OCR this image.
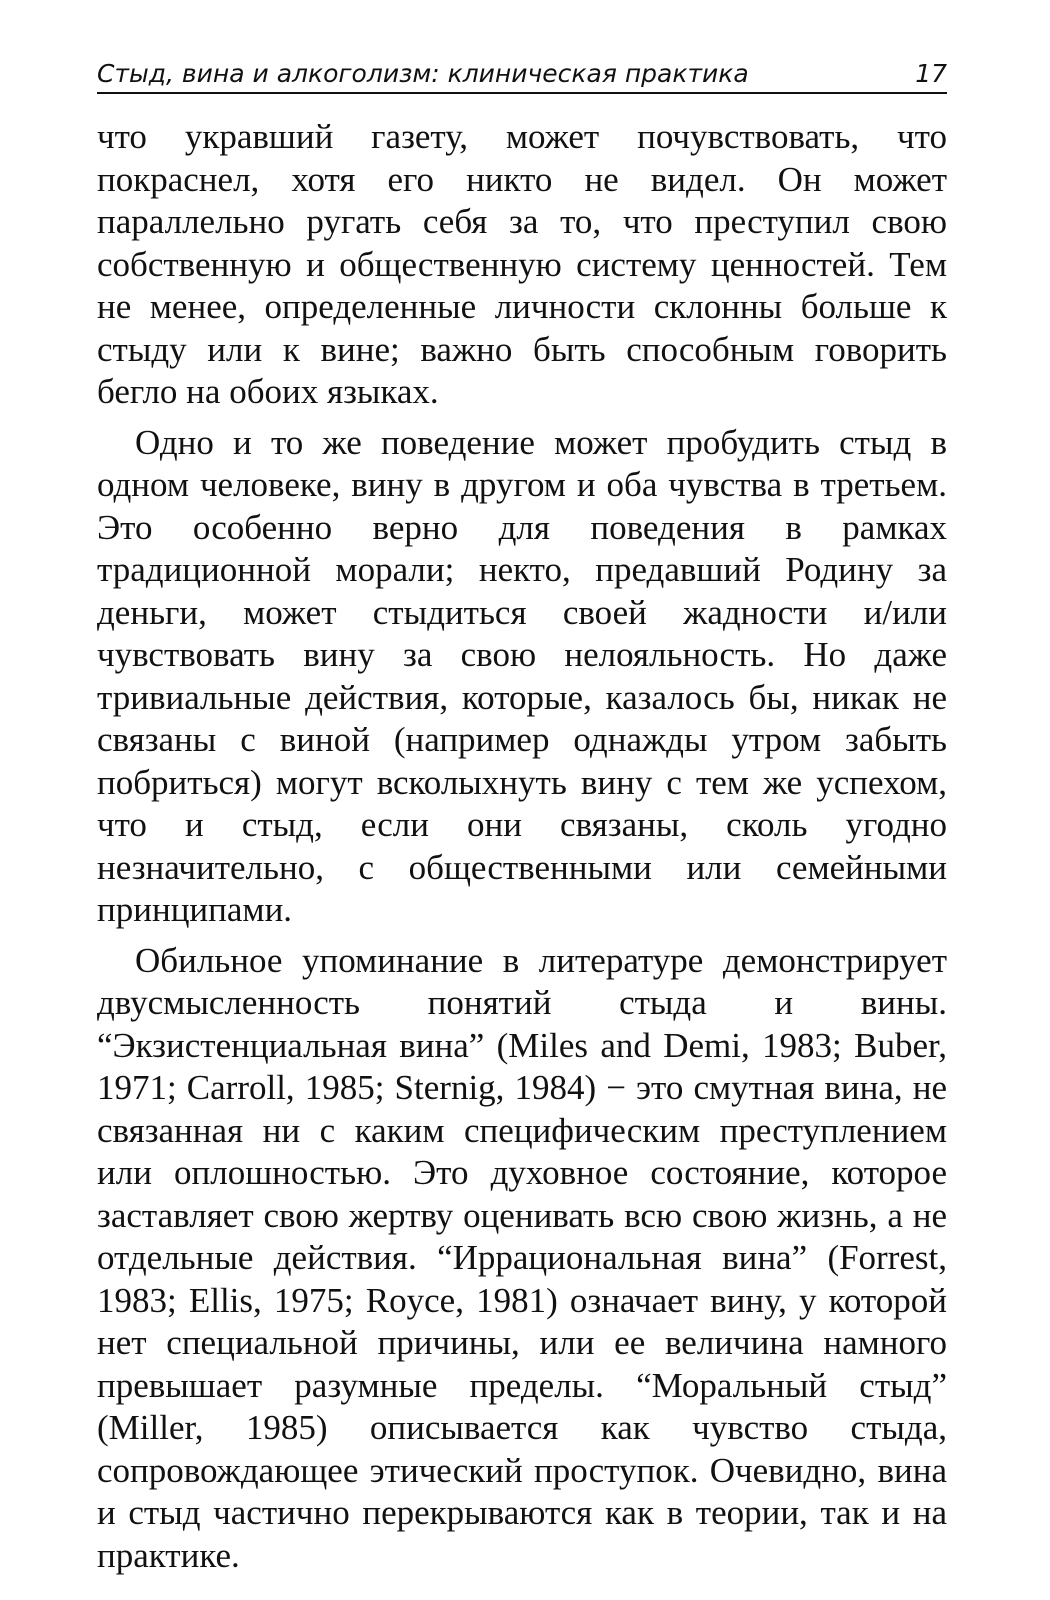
Стыд, вина и алкоголизм: клиническая практика	17

что укравший газету, может почувствовать, что покраснел, хотя его никто не видел. Он может параллельно ругать себя за то, что преступил свою собственную и общественную систему ценностей. Тем не менее, определенные личности склонны больше к стыду или к вине; важно быть способным говорить бегло на обоих языках.

Одно и то же поведение может пробудить стыд в одном человеке, вину в другом и оба чувства в третьем. Это особенно верно для поведения в рамках традиционной морали; некто, предавший Родину за деньги, может стыдиться своей жадности и/или чувствовать вину за свою нелояльность. Но даже тривиальные действия, которые, казалось бы, никак не связаны с виной (например однажды утром забыть побриться) могут всколыхнуть вину с тем же успехом, что и стыд, если они связаны, сколь угодно незначительно, с общественными или семейными принципами.

Обильное упоминание в литературе демонстрирует двусмысленность понятий стыда и вины. “Экзистенциальная вина” (Miles and Demi, 1983; Buber, 1971; Carroll, 1985; Sternig, 1984) − это смутная вина, не связанная ни с каким специфическим преступлением или оплошностью. Это духовное состояние, которое заставляет свою жертву оценивать всю свою жизнь, а не отдельные действия. “Иррациональная вина” (Forrest, 1983; Ellis, 1975; Royce, 1981) означает вину, у которой нет специальной причины, или ее величина намного превышает разумные пределы. “Моральный стыд” (Miller, 1985) описывается как чувство стыда, сопровождающее этический проступок. Очевидно, вина и стыд частично перекрываются как в теории, так и на практике.
